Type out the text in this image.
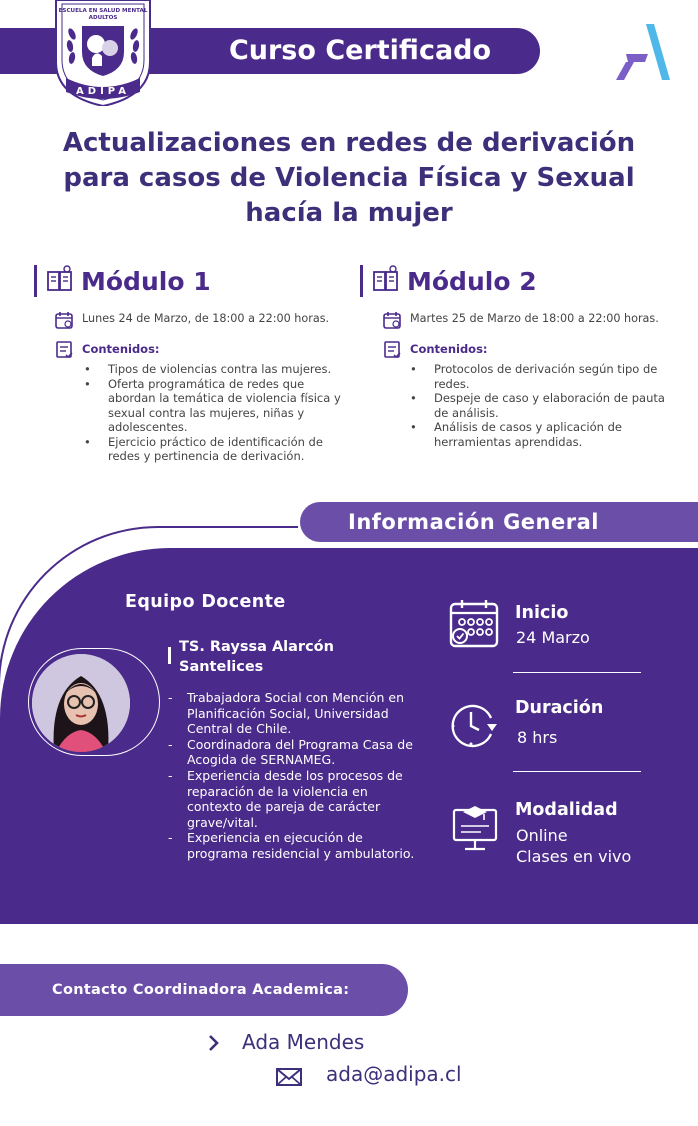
Curso Certificado
ESCUELA EN SALUD MENTAL
ADULTOS
ADIPA
Actualizaciones en redes de derivación
para casos de Violencia Física y Sexual
hacía la mujer
Módulo 1
Lunes 24 de Marzo, de 18:00 a 22:00 horas.
Contenidos:
• Tipos de violencias contra las mujeres.
• Oferta programática de redes que abordan la temática de violencia física y sexual contra las mujeres, niñas y adolescentes.
• Ejercicio práctico de identificación de redes y pertinencia de derivación.
Módulo 2
Martes 25 de Marzo de 18:00 a 22:00 horas.
Contenidos:
• Protocolos de derivación según tipo de redes.
• Despeje de caso y elaboración de pauta de análisis.
• Análisis de casos y aplicación de herramientas aprendidas.
Información General
Equipo Docente
TS. Rayssa Alarcón
Santelices
- Trabajadora Social con Mención en Planificación Social, Universidad Central de Chile.
- Coordinadora del Programa Casa de Acogida de SERNAMEG.
- Experiencia desde los procesos de reparación de la violencia en contexto de pareja de carácter grave/vital.
- Experiencia en ejecución de programa residencial y ambulatorio.
Inicio
24 Marzo
Duración
8 hrs
Modalidad
Online
Clases en vivo
Contacto Coordinadora Academica:
Ada Mendes
ada@adipa.cl
